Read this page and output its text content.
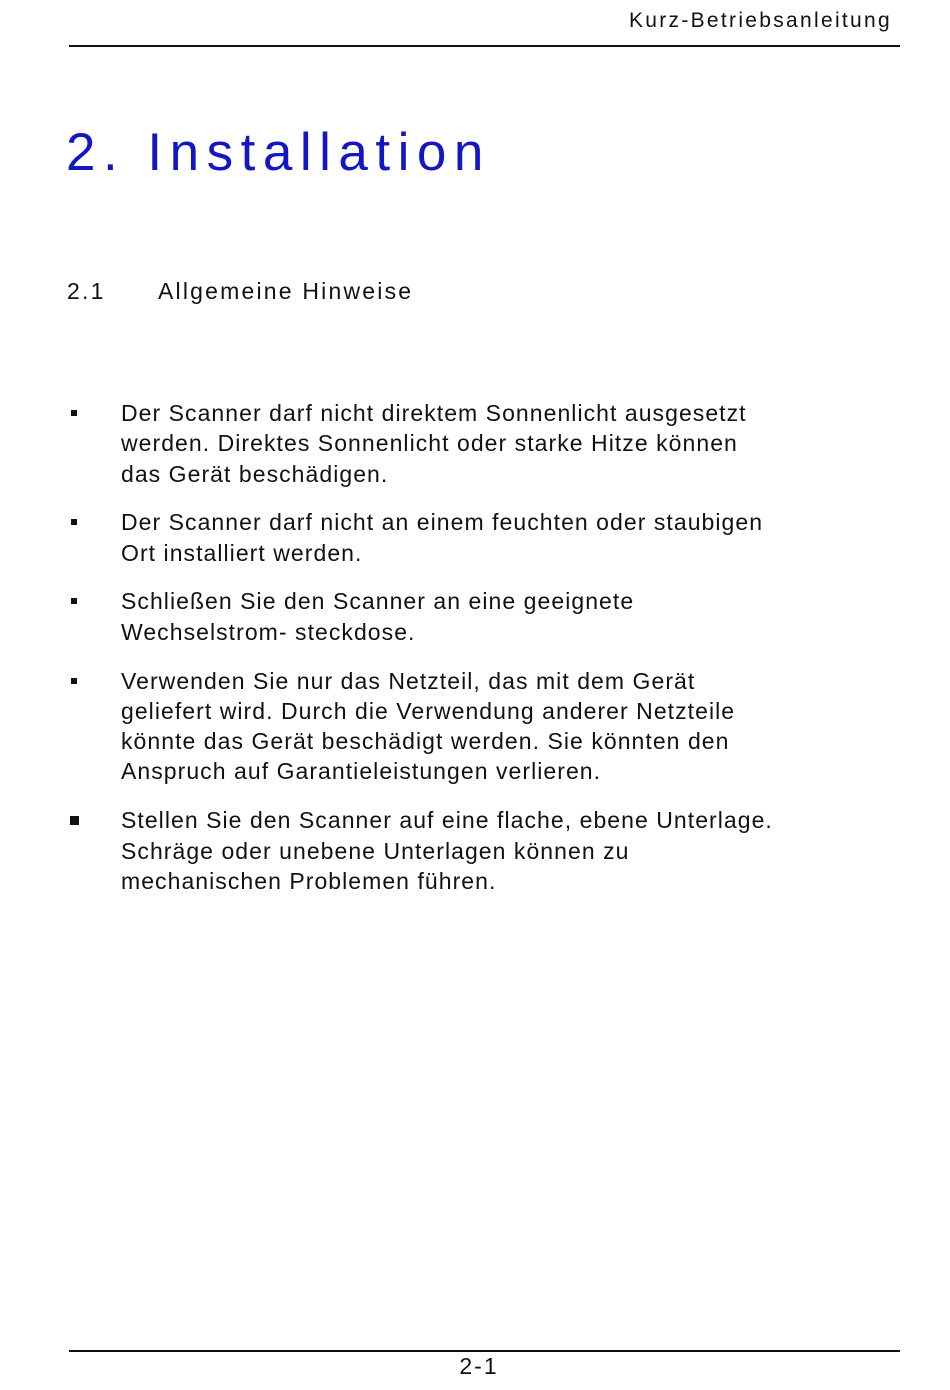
Kurz-Betriebsanleitung
2. Installation
2.1 Allgemeine Hinweise
Der Scanner darf nicht direktem Sonnenlicht ausgesetzt
werden. Direktes Sonnenlicht oder starke Hitze können
das Gerät beschädigen.
Der Scanner darf nicht an einem feuchten oder staubigen
Ort installiert werden.
Schließen Sie den Scanner an eine geeignete
Wechselstrom- steckdose.
Verwenden Sie nur das Netzteil, das mit dem Gerät
geliefert wird. Durch die Verwendung anderer Netzteile
könnte das Gerät beschädigt werden. Sie könnten den
Anspruch auf Garantieleistungen verlieren.
Stellen Sie den Scanner auf eine flache, ebene Unterlage.
Schräge oder unebene Unterlagen können zu
mechanischen Problemen führen.
2-1
